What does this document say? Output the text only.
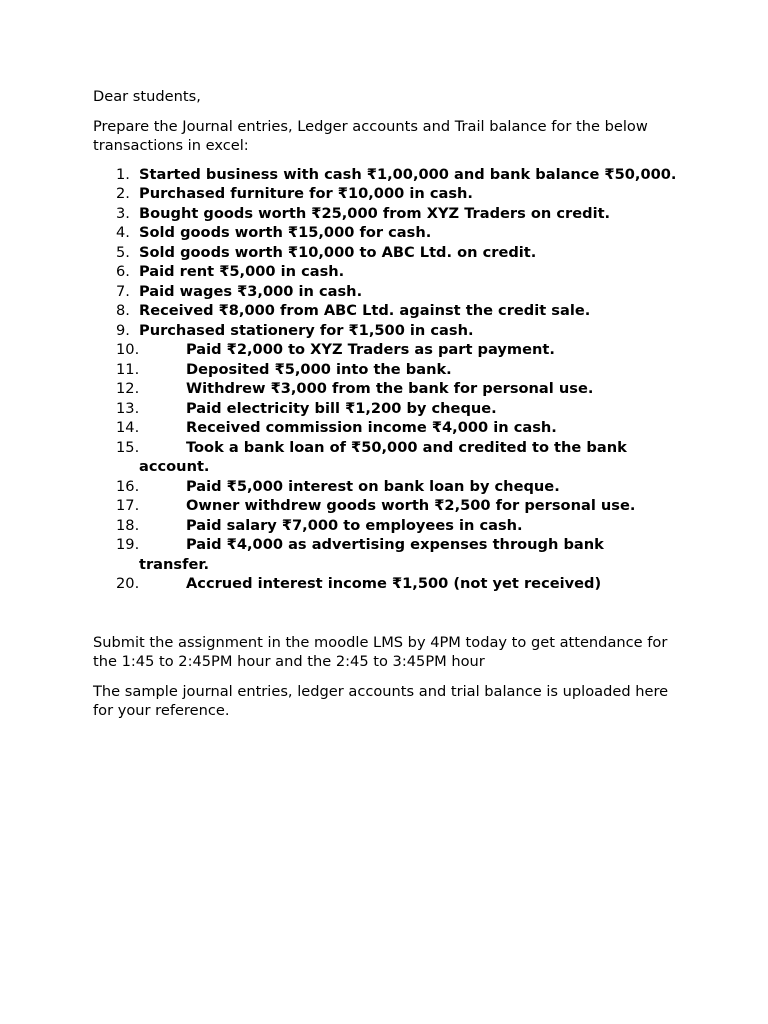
Dear students,

Prepare the Journal entries, Ledger accounts and Trail balance for the below transactions in excel:

1. Started business with cash ₹1,00,000 and bank balance ₹50,000.
2. Purchased furniture for ₹10,000 in cash.
3. Bought goods worth ₹25,000 from XYZ Traders on credit.
4. Sold goods worth ₹15,000 for cash.
5. Sold goods worth ₹10,000 to ABC Ltd. on credit.
6. Paid rent ₹5,000 in cash.
7. Paid wages ₹3,000 in cash.
8. Received ₹8,000 from ABC Ltd. against the credit sale.
9. Purchased stationery for ₹1,500 in cash.
10.	Paid ₹2,000 to XYZ Traders as part payment.
11.	Deposited ₹5,000 into the bank.
12.	Withdrew ₹3,000 from the bank for personal use.
13.	Paid electricity bill ₹1,200 by cheque.
14.	Received commission income ₹4,000 in cash.
15.	Took a bank loan of ₹50,000 and credited to the bank account.
16.	Paid ₹5,000 interest on bank loan by cheque.
17.	Owner withdrew goods worth ₹2,500 for personal use.
18.	Paid salary ₹7,000 to employees in cash.
19.	Paid ₹4,000 as advertising expenses through bank transfer.
20.	Accrued interest income ₹1,500 (not yet received)

Submit the assignment in the moodle LMS by 4PM today to get attendance for the 1:45 to 2:45PM hour and the 2:45 to 3:45PM hour

The sample journal entries, ledger accounts and trial balance is uploaded here for your reference.
